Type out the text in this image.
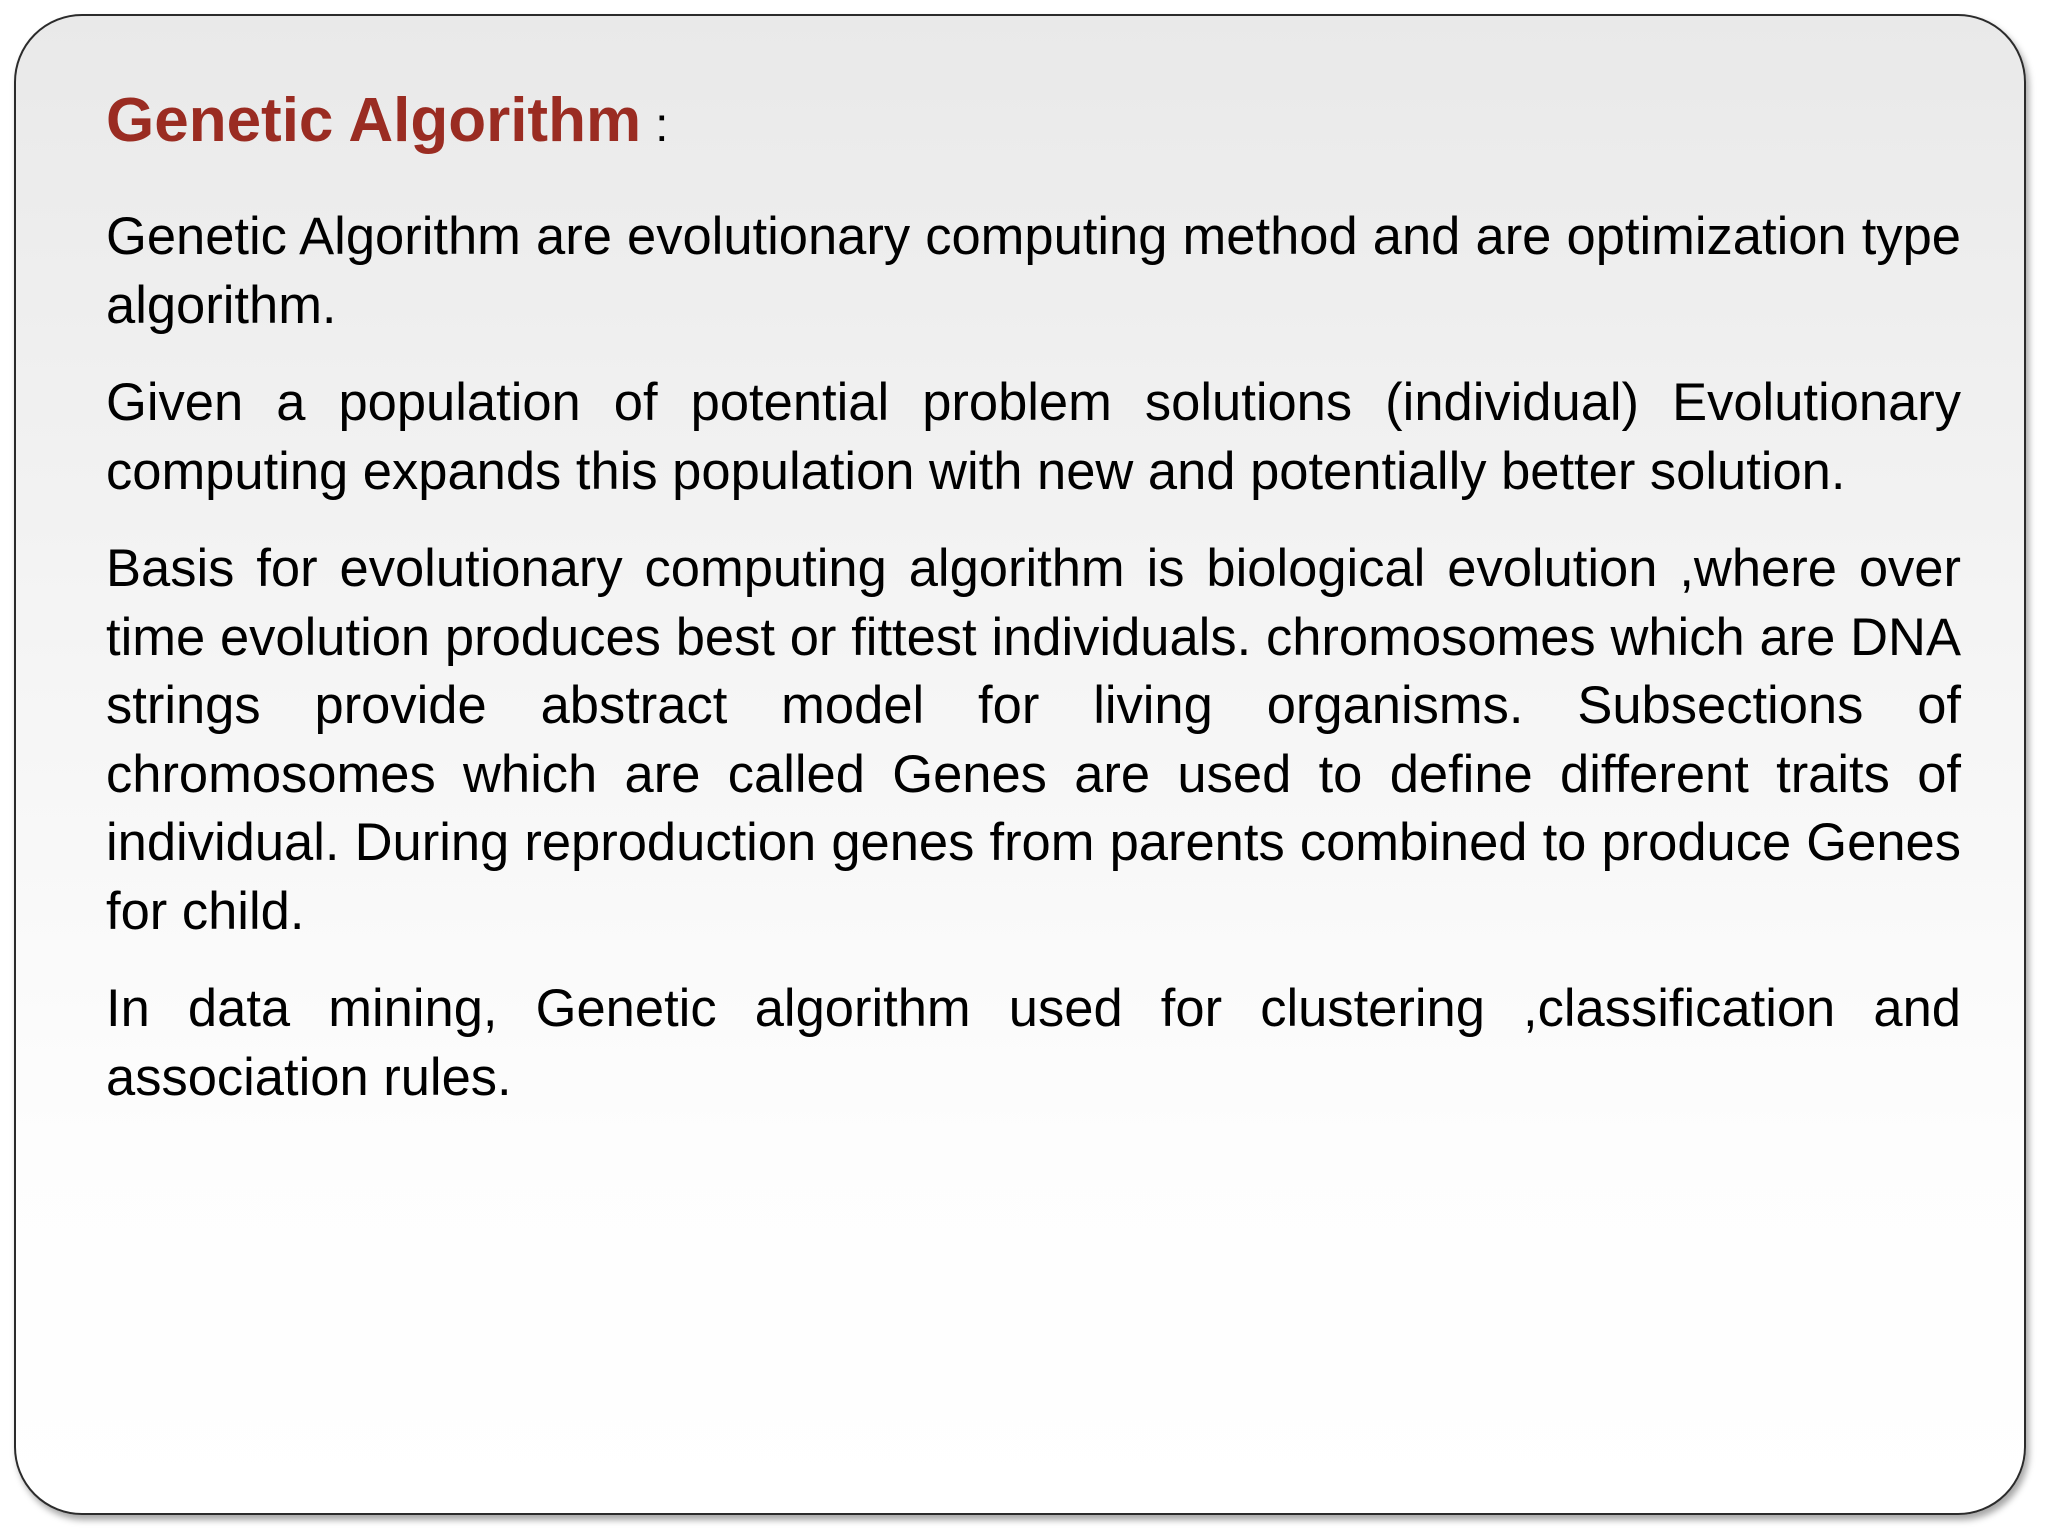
Genetic Algorithm :

Genetic Algorithm are evolutionary computing method and are optimization type algorithm.

Given a population of potential problem solutions (individual) Evolutionary computing expands this population with new and potentially better solution.

Basis for evolutionary computing algorithm is biological evolution ,where over time evolution produces best or fittest individuals. chromosomes which are DNA strings provide abstract model for living organisms. Subsections of chromosomes which are called Genes are used to define different traits of individual. During reproduction genes from parents combined to produce Genes for child.

In data mining, Genetic algorithm used for clustering ,classification and association rules.
